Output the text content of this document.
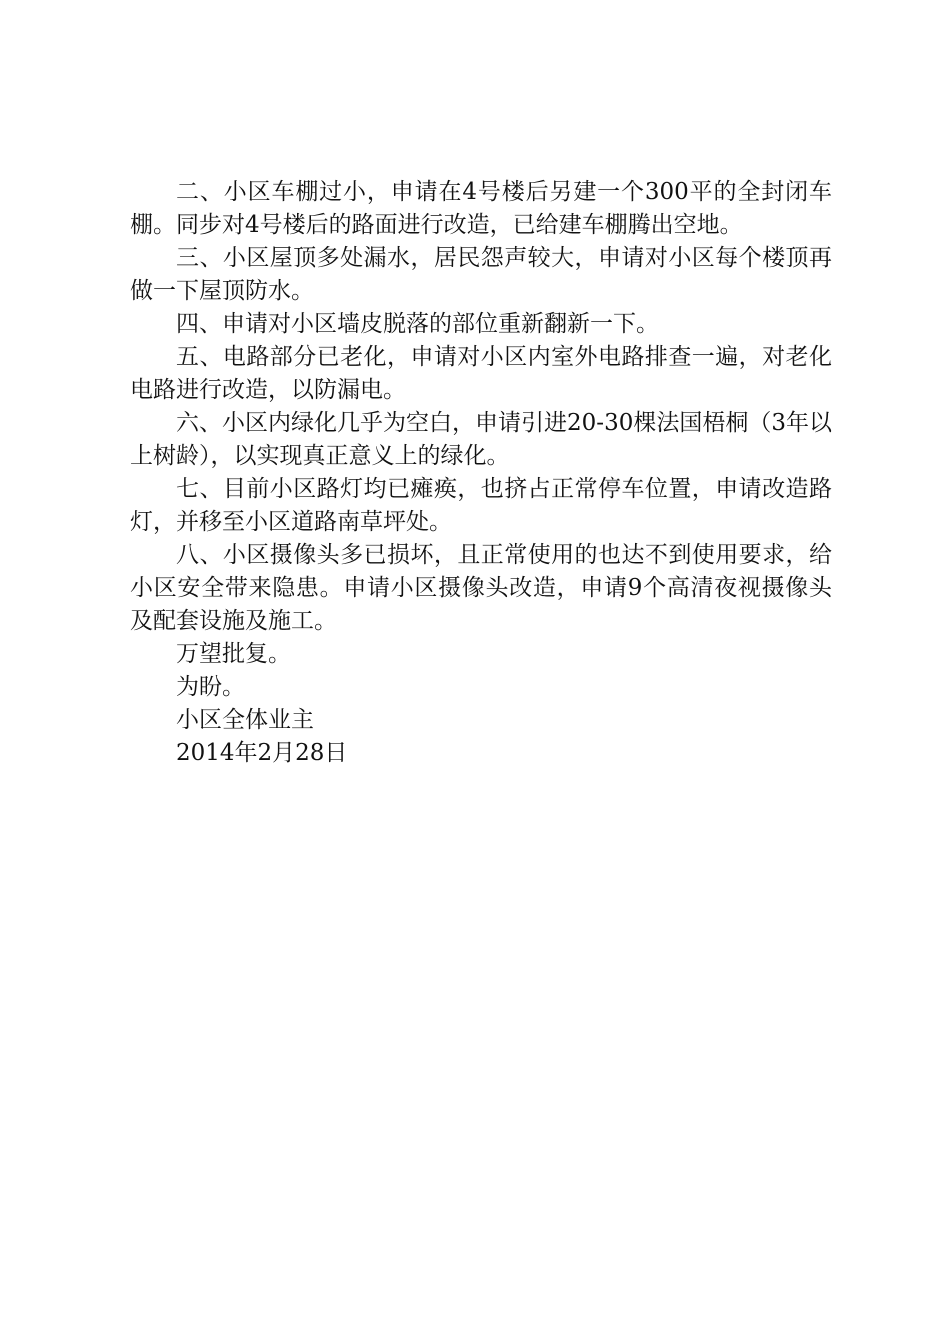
二、小区车棚过小，申请在4号楼后另建一个300平的全封闭车棚。同步对4号楼后的路面进行改造，已给建车棚腾出空地。

三、小区屋顶多处漏水，居民怨声较大，申请对小区每个楼顶再做一下屋顶防水。

四、申请对小区墙皮脱落的部位重新翻新一下。

五、电路部分已老化，申请对小区内室外电路排查一遍，对老化电路进行改造，以防漏电。

六、小区内绿化几乎为空白，申请引进20-30棵法国梧桐（3年以上树龄），以实现真正意义上的绿化。

七、目前小区路灯均已瘫痪，也挤占正常停车位置，申请改造路灯，并移至小区道路南草坪处。

八、小区摄像头多已损坏，且正常使用的也达不到使用要求，给小区安全带来隐患。申请小区摄像头改造，申请9个高清夜视摄像头及配套设施及施工。

万望批复。

为盼。

小区全体业主

2014年2月28日
